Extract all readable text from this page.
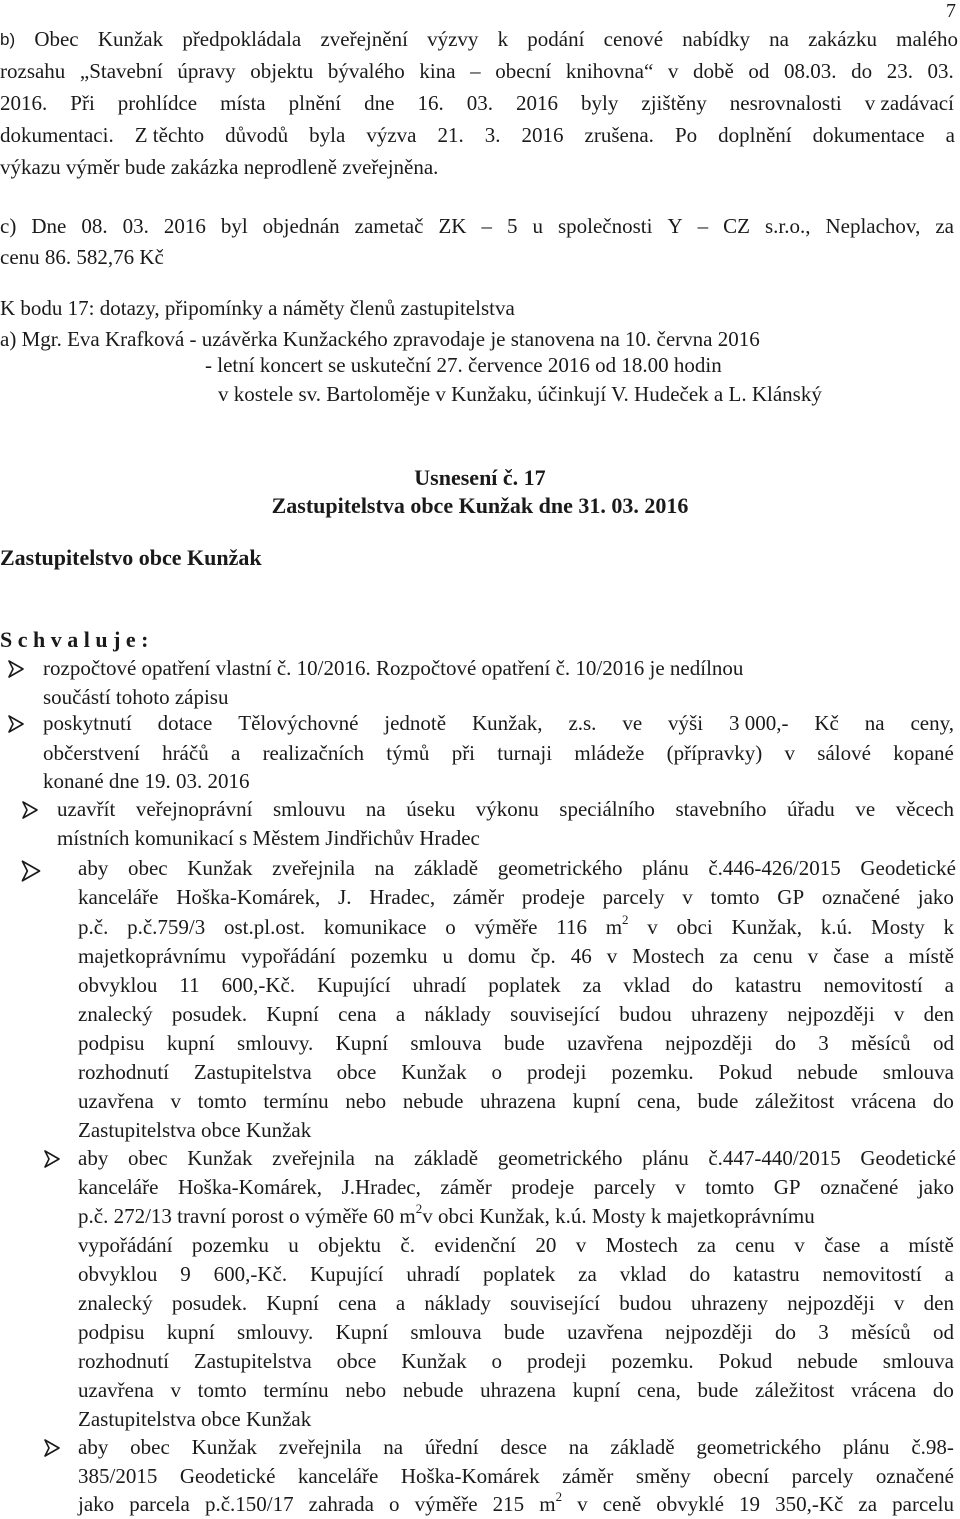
7
b) Obec Kunžak předpokládala zveřejnění výzvy k podání cenové nabídky na zakázku malého
rozsahu „Stavební úpravy objektu bývalého kina – obecní knihovna“ v době od 08.03. do 23. 03.
2016. Při prohlídce místa plnění dne 16. 03. 2016 byly zjištěny nesrovnalosti v zadávací
dokumentaci. Z těchto důvodů byla výzva 21. 3. 2016 zrušena. Po doplnění dokumentace a
výkazu výměr bude zakázka neprodleně zveřejněna.
c) Dne 08. 03. 2016 byl objednán zametač ZK – 5 u společnosti Y – CZ s.r.o., Neplachov, za
cenu 86. 582,76 Kč
K bodu 17: dotazy, připomínky a náměty členů zastupitelstva
a) Mgr. Eva Krafková - uzávěrka Kunžackého zpravodaje je stanovena na 10. června 2016
- letní koncert se uskuteční 27. července 2016 od 18.00 hodin
v kostele sv. Bartoloměje v Kunžaku, účinkují V. Hudeček a L. Klánský
Usnesení č. 17
Zastupitelstva obce Kunžak dne 31. 03. 2016
Zastupitelstvo obce Kunžak
S c h v a l u j e :
rozpočtové opatření vlastní č. 10/2016. Rozpočtové opatření č. 10/2016 je nedílnou
součástí tohoto zápisu
poskytnutí dotace Tělovýchovné jednotě Kunžak, z.s. ve výši 3 000,- Kč na ceny,
občerstvení hráčů a realizačních týmů při turnaji mládeže (přípravky) v sálové kopané
konané dne 19. 03. 2016
uzavřít veřejnoprávní smlouvu na úseku výkonu speciálního stavebního úřadu ve věcech
místních komunikací s Městem Jindřichův Hradec
aby obec Kunžak zveřejnila na základě geometrického plánu č.446-426/2015 Geodetické
kanceláře Hoška-Komárek, J. Hradec, záměr prodeje parcely v tomto GP označené jako
p.č. p.č.759/3 ost.pl.ost. komunikace o výměře 116 $m^2$ v obci Kunžak, k.ú. Mosty k
majetkoprávnímu vypořádání pozemku u domu čp. 46 v Mostech za cenu v čase a místě
obvyklou 11 600,-Kč. Kupující uhradí poplatek za vklad do katastru nemovitostí a
znalecký posudek. Kupní cena a náklady související budou uhrazeny nejpozději v den
podpisu kupní smlouvy. Kupní smlouva bude uzavřena nejpozději do 3 měsíců od
rozhodnutí Zastupitelstva obce Kunžak o prodeji pozemku. Pokud nebude smlouva
uzavřena v tomto termínu nebo nebude uhrazena kupní cena, bude záležitost vrácena do
Zastupitelstva obce Kunžak
aby obec Kunžak zveřejnila na základě geometrického plánu č.447-440/2015 Geodetické
kanceláře Hoška-Komárek, J.Hradec, záměr prodeje parcely v tomto GP označené jako
p.č. 272/13 travní porost o výměře 60 $m^2v$ obci Kunžak, k.ú. Mosty k majetkoprávnímu
vypořádání pozemku u objektu č. evidenční 20 v Mostech za cenu v čase a místě
obvyklou 9 600,-Kč. Kupující uhradí poplatek za vklad do katastru nemovitostí a
znalecký posudek. Kupní cena a náklady související budou uhrazeny nejpozději v den
podpisu kupní smlouvy. Kupní smlouva bude uzavřena nejpozději do 3 měsíců od
rozhodnutí Zastupitelstva obce Kunžak o prodeji pozemku. Pokud nebude smlouva
uzavřena v tomto termínu nebo nebude uhrazena kupní cena, bude záležitost vrácena do
Zastupitelstva obce Kunžak
aby obec Kunžak zveřejnila na úřední desce na základě geometrického plánu č.98-
385/2015 Geodetické kanceláře Hoška-Komárek záměr směny obecní parcely označené
jako parcela p.č.150/17 zahrada o výměře 215 $m^2$ v ceně obvyklé 19 350,-Kč za parcelu
